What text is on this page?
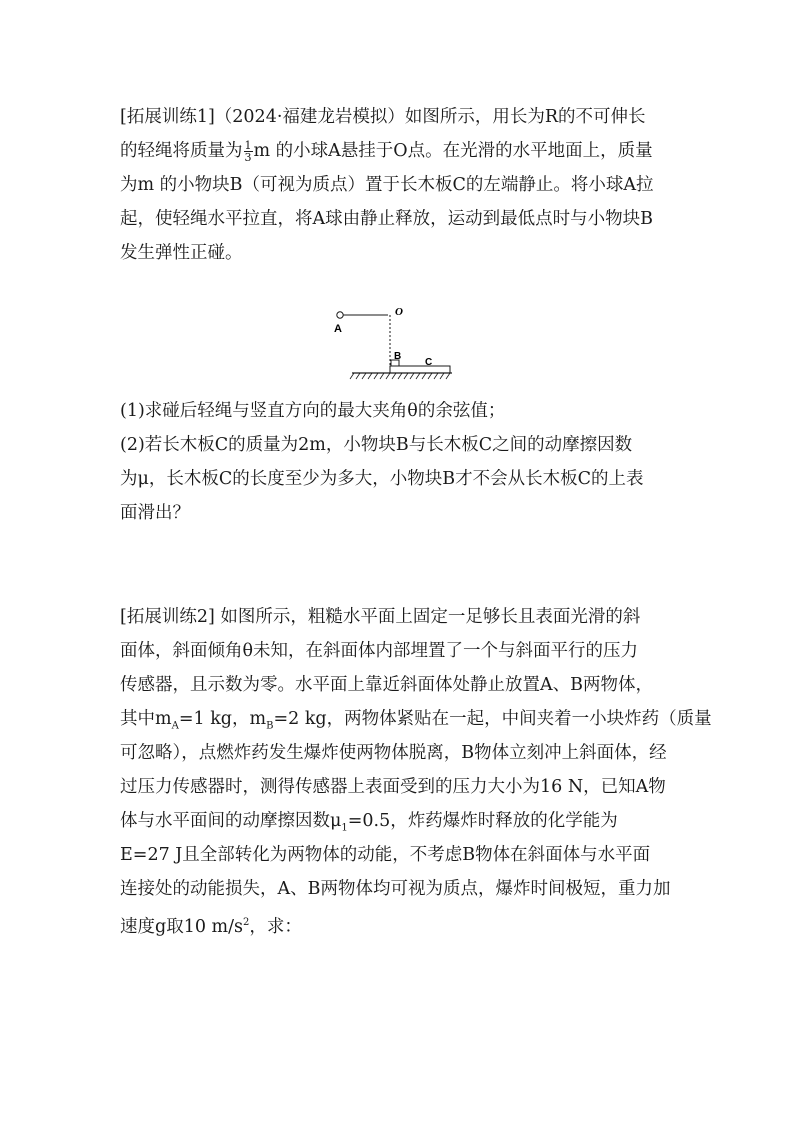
[拓展训练1]（2024·福建龙岩模拟）如图所示，用长为R的不可伸长
的轻绳将质量为 $\frac{1}{3}$ m 的小球A悬挂于O点。在光滑的水平地面上，质量
为m 的小物块B（可视为质点）置于长木板C的左端静止。将小球A拉
起，使轻绳水平拉直，将A球由静止释放，运动到最低点时与小物块B
发生弹性正碰。
A
O
B
C
(1)求碰后轻绳与竖直方向的最大夹角θ的余弦值；
(2)若长木板C的质量为2m，小物块B与长木板C之间的动摩擦因数
为μ，长木板C的长度至少为多大，小物块B才不会从长木板C的上表
面滑出？
[拓展训练2] 如图所示，粗糙水平面上固定一足够长且表面光滑的斜
面体，斜面倾角θ未知，在斜面体内部埋置了一个与斜面平行的压力
传感器，且示数为零。水平面上靠近斜面体处静止放置A、B两物体，
其中$m_A=1$ kg，$m_B=2$ kg，两物体紧贴在一起，中间夹着一小块炸药（质量
可忽略），点燃炸药发生爆炸使两物体脱离，B物体立刻冲上斜面体，经
过压力传感器时，测得传感器上表面受到的压力大小为16 N，已知A物
体与水平面间的动摩擦因数$\mu_1=0.5$，炸药爆炸时释放的化学能为
E=27 J且全部转化为两物体的动能，不考虑B物体在斜面体与水平面
连接处的动能损失，A、B两物体均可视为质点，爆炸时间极短，重力加
速度g取10 $m/s^2$，求：
